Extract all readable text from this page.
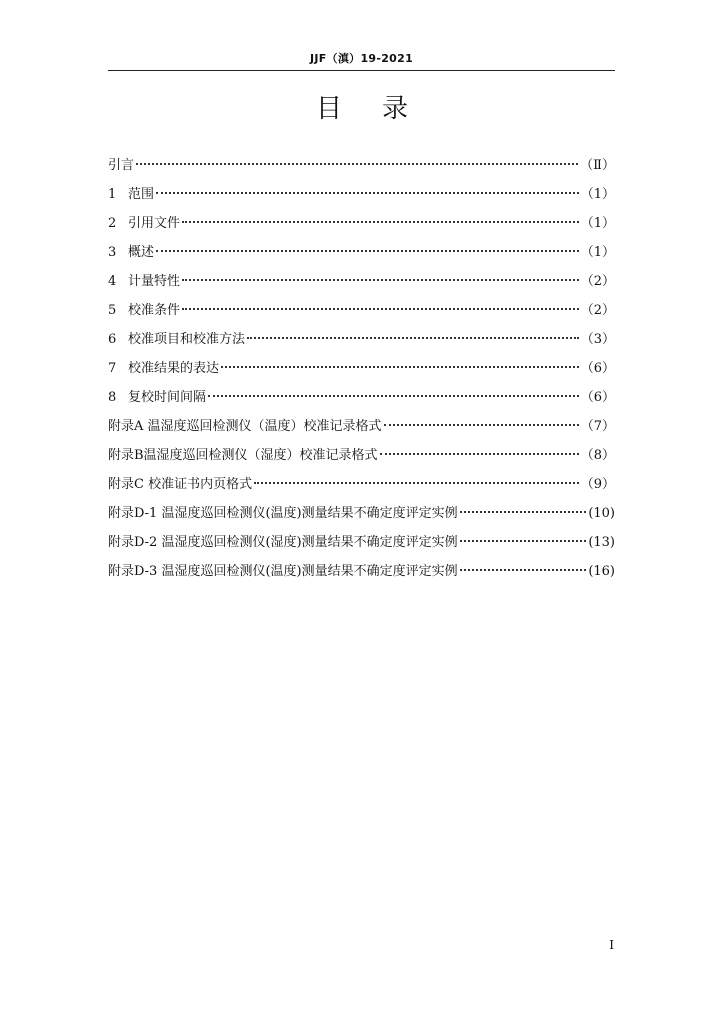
JJF（滇）19-2021
目录
引言	（Ⅱ）
1 范围	（1）
2 引用文件	（1）
3 概述	（1）
4 计量特性	（2）
5 校准条件	（2）
6 校准项目和校准方法	（3）
7 校准结果的表达	（6）
8 复校时间间隔	（6）
附录A 温湿度巡回检测仪（温度）校准记录格式	（7）
附录B温湿度巡回检测仪（湿度）校准记录格式	（8）
附录C 校准证书内页格式	（9）
附录D-1 温湿度巡回检测仪(温度)测量结果不确定度评定实例	(10)
附录D-2 温湿度巡回检测仪(湿度)测量结果不确定度评定实例	(13)
附录D-3 温湿度巡回检测仪(温度)测量结果不确定度评定实例	(16)
I
